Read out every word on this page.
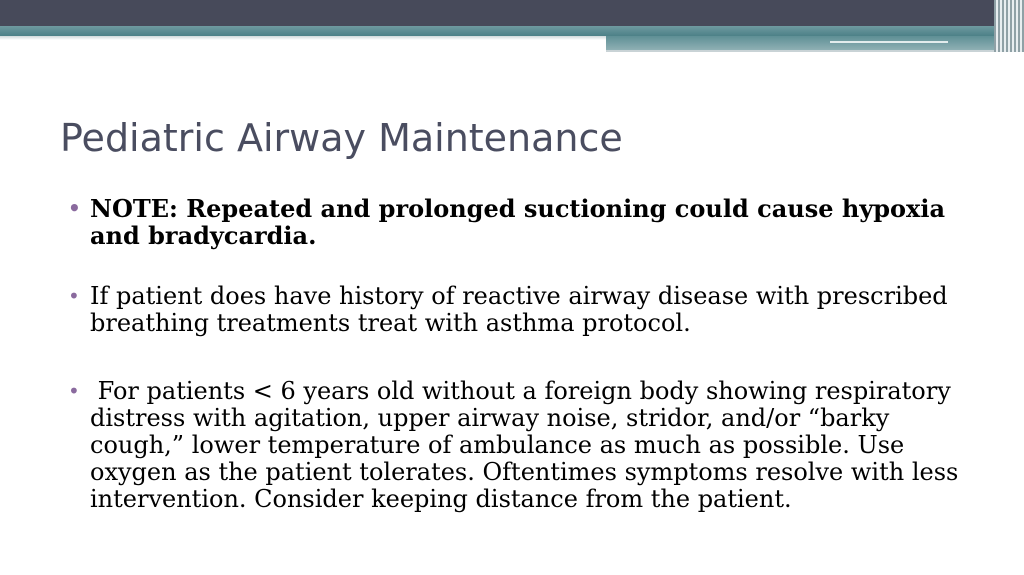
Pediatric Airway Maintenance
• NOTE: Repeated and prolonged suctioning could cause hypoxia and bradycardia.
• If patient does have history of reactive airway disease with prescribed breathing treatments treat with asthma protocol.
• For patients < 6 years old without a foreign body showing respiratory distress with agitation, upper airway noise, stridor, and/or “barky cough,” lower temperature of ambulance as much as possible. Use oxygen as the patient tolerates. Oftentimes symptoms resolve with less intervention. Consider keeping distance from the patient.
